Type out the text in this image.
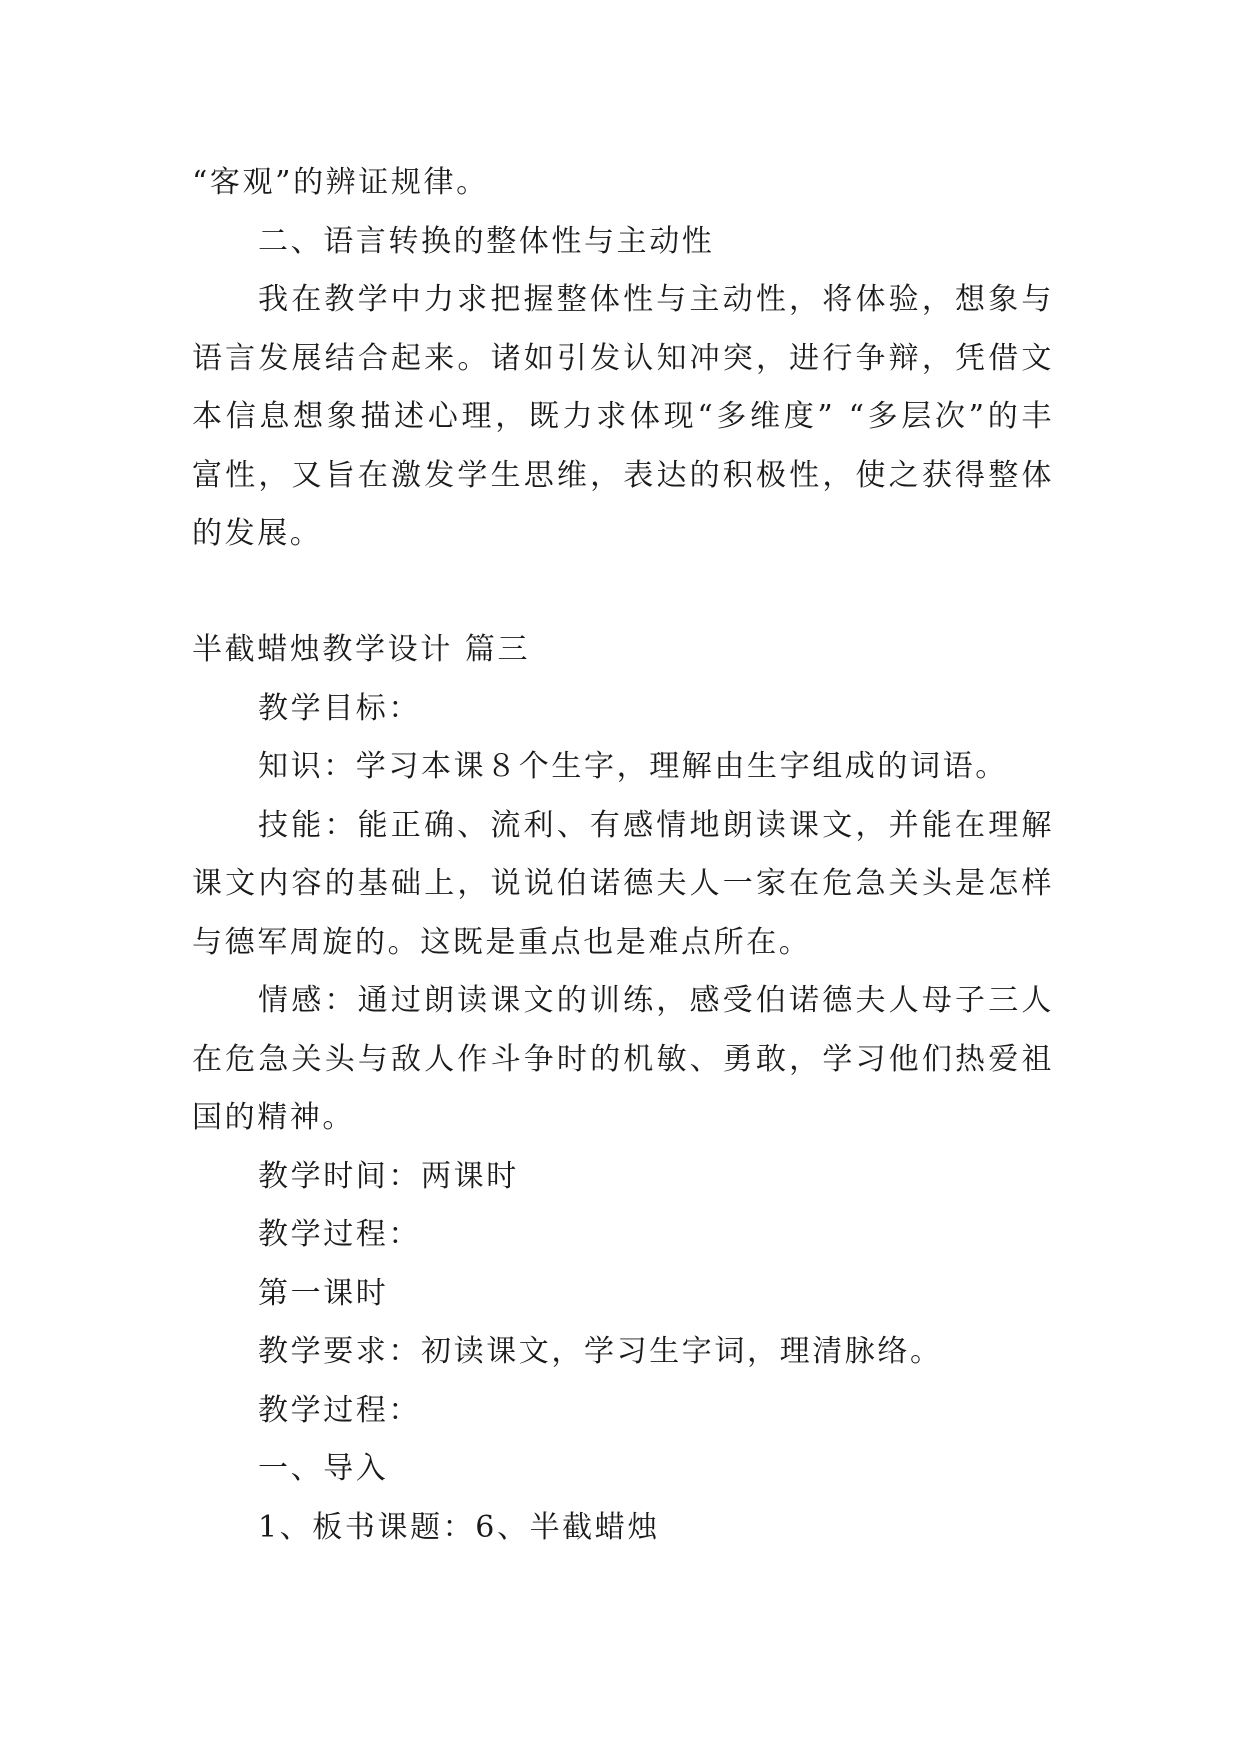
“客观”的辨证规律。

二、语言转换的整体性与主动性

我在教学中力求把握整体性与主动性，将体验，想象与语言发展结合起来。诸如引发认知冲突，进行争辩，凭借文本信息想象描述心理，既力求体现“多维度” “多层次”的丰富性，又旨在激发学生思维，表达的积极性，使之获得整体的发展。

半截蜡烛教学设计 篇三

教学目标：

知识：学习本课８个生字，理解由生字组成的词语。

技能：能正确、流利、有感情地朗读课文，并能在理解课文内容的基础上，说说伯诺德夫人一家在危急关头是怎样与德军周旋的。这既是重点也是难点所在。

情感：通过朗读课文的训练，感受伯诺德夫人母子三人在危急关头与敌人作斗争时的机敏、勇敢，学习他们热爱祖国的精神。

教学时间：两课时

教学过程：

第一课时

教学要求：初读课文，学习生字词，理清脉络。

教学过程：

一、导入

1、板书课题：6、半截蜡烛
